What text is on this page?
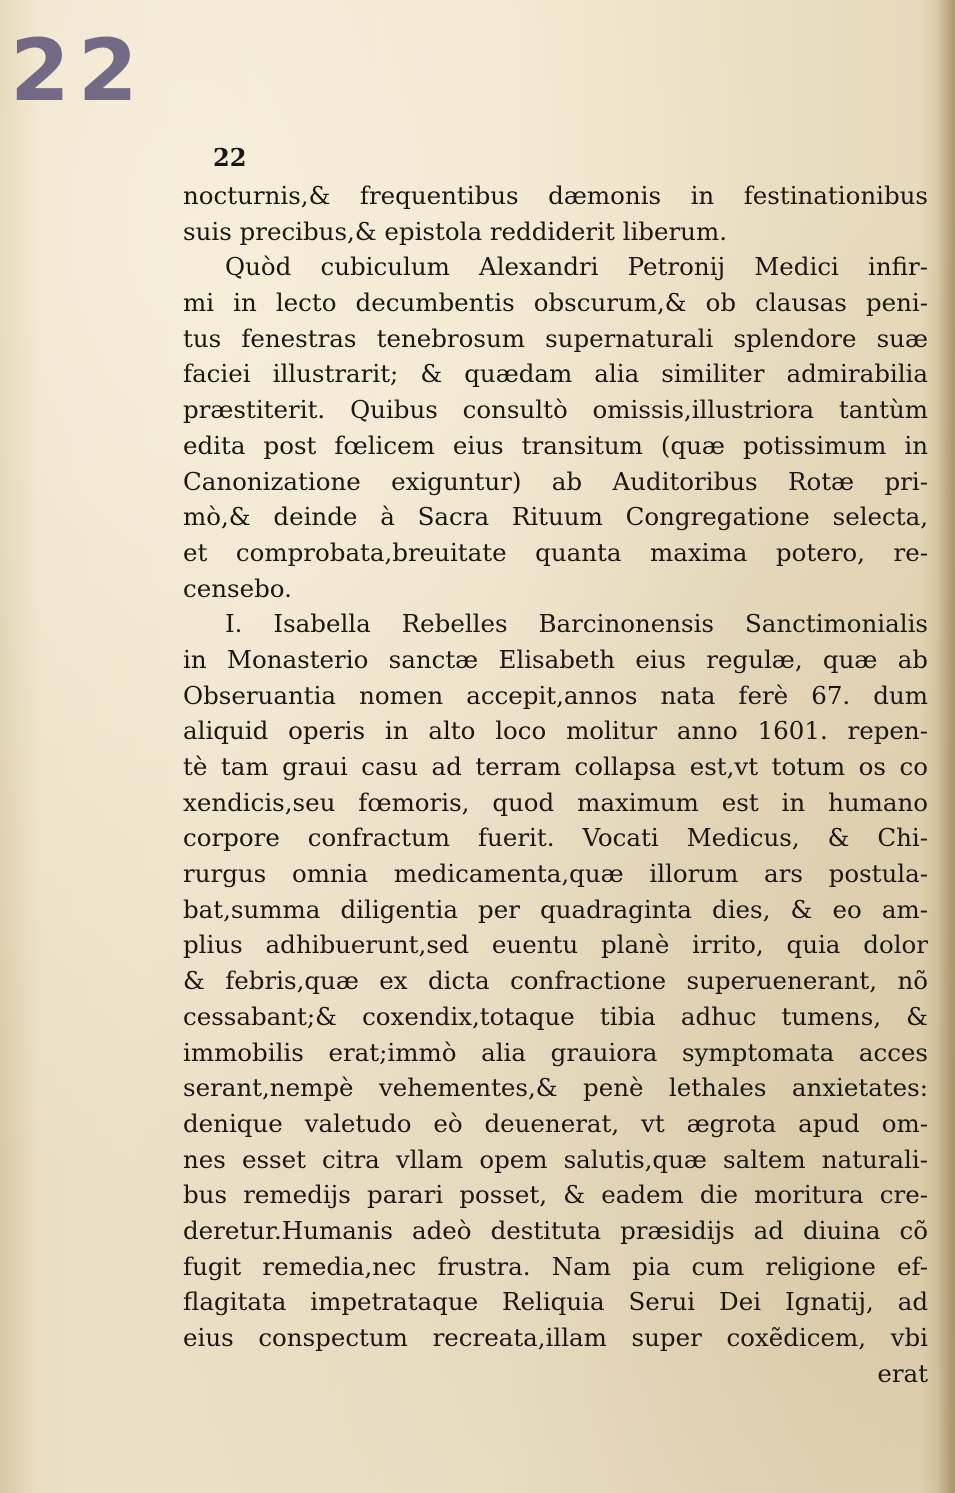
22
22
nocturnis,& frequentibus dæmonis in festinationibus
suis precibus,& epistola reddiderit liberum.
Quòd cubiculum Alexandri Petronij Medici infir-
mi in lecto decumbentis obscurum,& ob clausas peni-
tus fenestras tenebrosum supernaturali splendore suæ
faciei illustrarit; & quædam alia similiter admirabilia
præstiterit. Quibus consultò omissis,illustriora tantùm
edita post fœlicem eius transitum (quæ potissimum in
Canonizatione exiguntur) ab Auditoribus Rotæ pri-
mò,& deinde à Sacra Rituum Congregatione selecta,
et comprobata,breuitate quanta maxima potero, re-
censebo.
I. Isabella Rebelles Barcinonensis Sanctimonialis
in Monasterio sanctæ Elisabeth eius regulæ, quæ ab
Obseruantia nomen accepit,annos nata ferè 67. dum
aliquid operis in alto loco molitur anno 1601. repen-
tè tam graui casu ad terram collapsa est,vt totum os co
xendicis,seu fœmoris, quod maximum est in humano
corpore confractum fuerit. Vocati Medicus, & Chi-
rurgus omnia medicamenta,quæ illorum ars postula-
bat,summa diligentia per quadraginta dies, & eo am-
plius adhibuerunt,sed euentu planè irrito, quia dolor
& febris,quæ ex dicta confractione superuenerant, nõ
cessabant;& coxendix,totaque tibia adhuc tumens, &
immobilis erat;immò alia grauiora symptomata acces
serant,nempè vehementes,& penè lethales anxietates:
denique valetudo eò deuenerat, vt ægrota apud om-
nes esset citra vllam opem salutis,quæ saltem naturali-
bus remedijs parari posset, & eadem die moritura cre-
deretur.Humanis adeò destituta præsidijs ad diuina cõ
fugit remedia,nec frustra. Nam pia cum religione ef-
flagitata impetrataque Reliquia Serui Dei Ignatij, ad
eius conspectum recreata,illam super coxẽdicem, vbi
erat
